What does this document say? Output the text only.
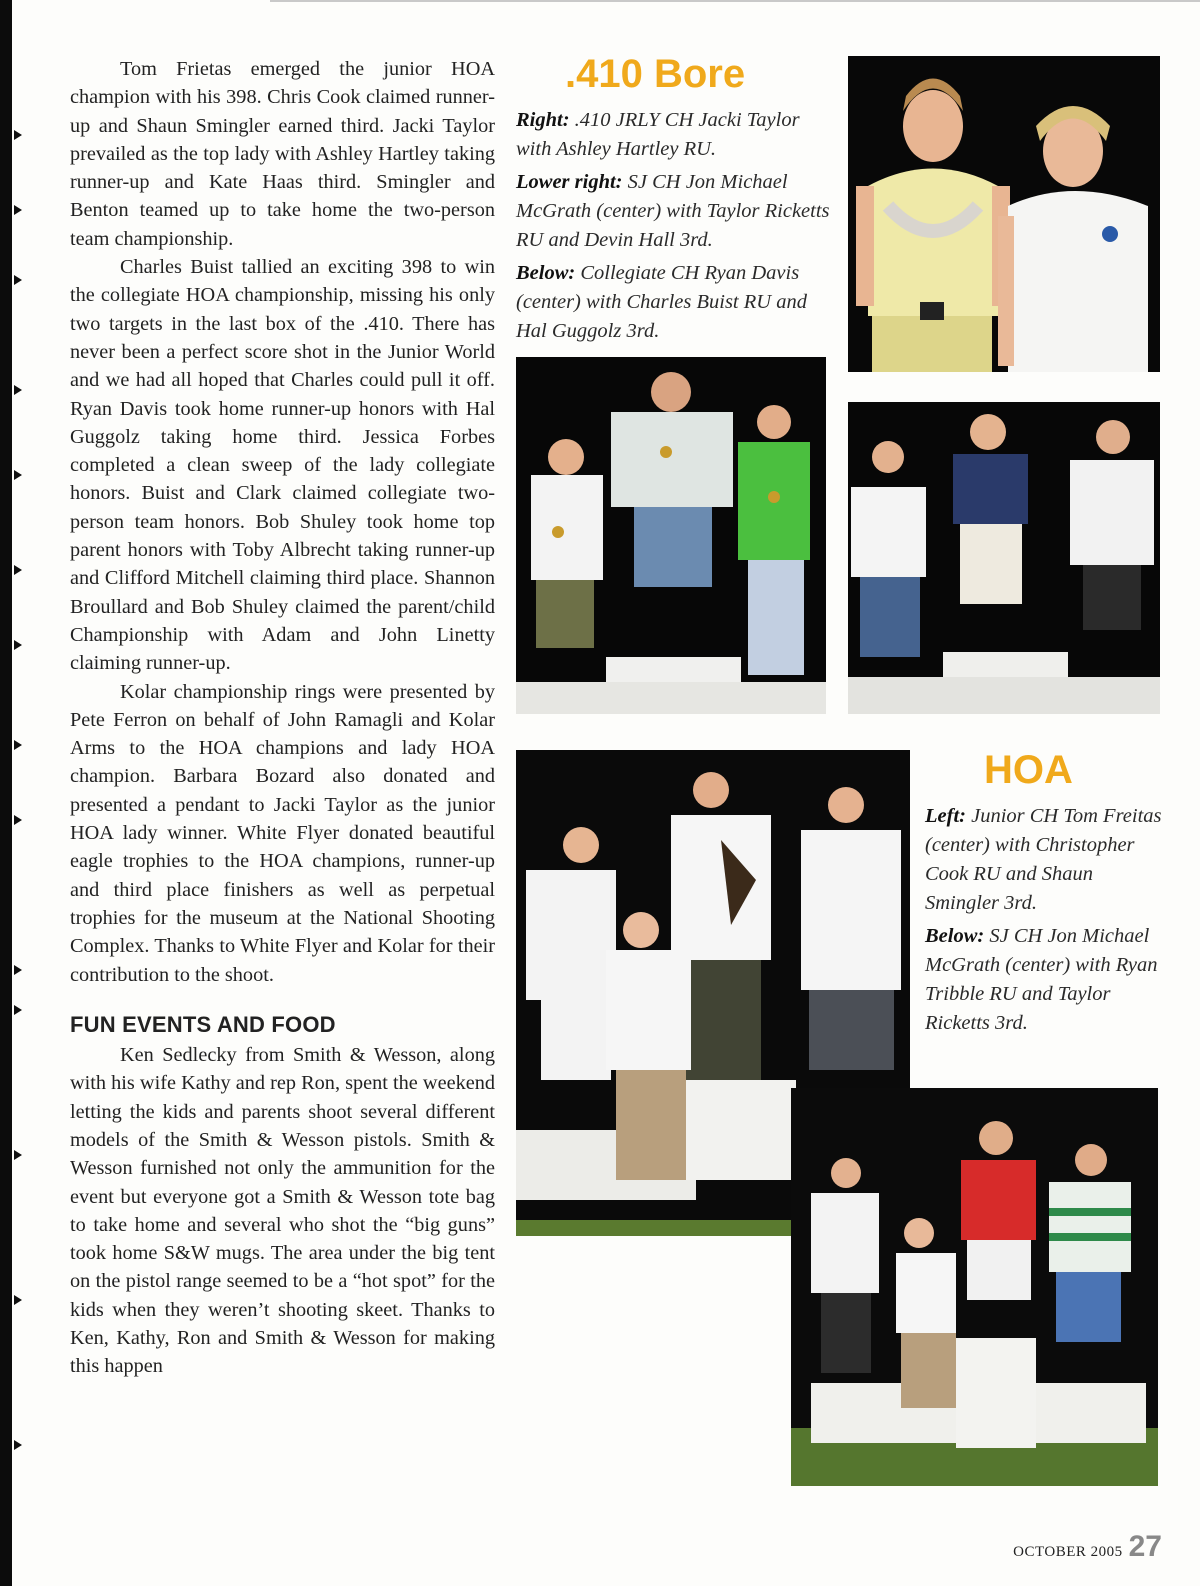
Tom Frietas emerged the junior HOA champion with his 398. Chris Cook claimed runner-up and Shaun Smingler earned third. Jacki Taylor prevailed as the top lady with Ashley Hartley taking runner-up and Kate Haas third. Smingler and Benton teamed up to take home the two-person team championship.

Charles Buist tallied an exciting 398 to win the collegiate HOA championship, missing his only two targets in the last box of the .410. There has never been a perfect score shot in the Junior World and we had all hoped that Charles could pull it off. Ryan Davis took home runner-up honors with Hal Guggolz taking home third. Jessica Forbes completed a clean sweep of the lady collegiate honors. Buist and Clark claimed collegiate two-person team honors. Bob Shuley took home top parent honors with Toby Albrecht taking runner-up and Clifford Mitchell claiming third place. Shannon Broullard and Bob Shuley claimed the parent/child Championship with Adam and John Linetty claiming runner-up.

Kolar championship rings were presented by Pete Ferron on behalf of John Ramagli and Kolar Arms to the HOA champions and lady HOA champion. Barbara Bozard also donated and presented a pendant to Jacki Taylor as the junior HOA lady winner. White Flyer donated beautiful eagle trophies to the HOA champions, runner-up and third place finishers as well as perpetual trophies for the museum at the National Shooting Complex. Thanks to White Flyer and Kolar for their contribution to the shoot.

FUN EVENTS AND FOOD

Ken Sedlecky from Smith & Wesson, along with his wife Kathy and rep Ron, spent the weekend letting the kids and parents shoot several different models of the Smith & Wesson pistols. Smith & Wesson furnished not only the ammunition for the event but everyone got a Smith & Wesson tote bag to take home and several who shot the “big guns” took home S&W mugs. The area under the big tent on the pistol range seemed to be a “hot spot” for the kids when they weren’t shooting skeet. Thanks to Ken, Kathy, Ron and Smith & Wesson for making this happen

.410 Bore

Right: .410 JRLY CH Jacki Taylor with Ashley Hartley RU.

Lower right: SJ CH Jon Michael McGrath (center) with Taylor Ricketts RU and Devin Hall 3rd.

Below: Collegiate CH Ryan Davis (center) with Charles Buist RU and Hal Guggolz 3rd.

HOA

Left: Junior CH Tom Freitas (center) with Christopher Cook RU and Shaun Smingler 3rd.

Below: SJ CH Jon Michael McGrath (center) with Ryan Tribble RU and Taylor Ricketts 3rd.

OCTOBER 2005 27
